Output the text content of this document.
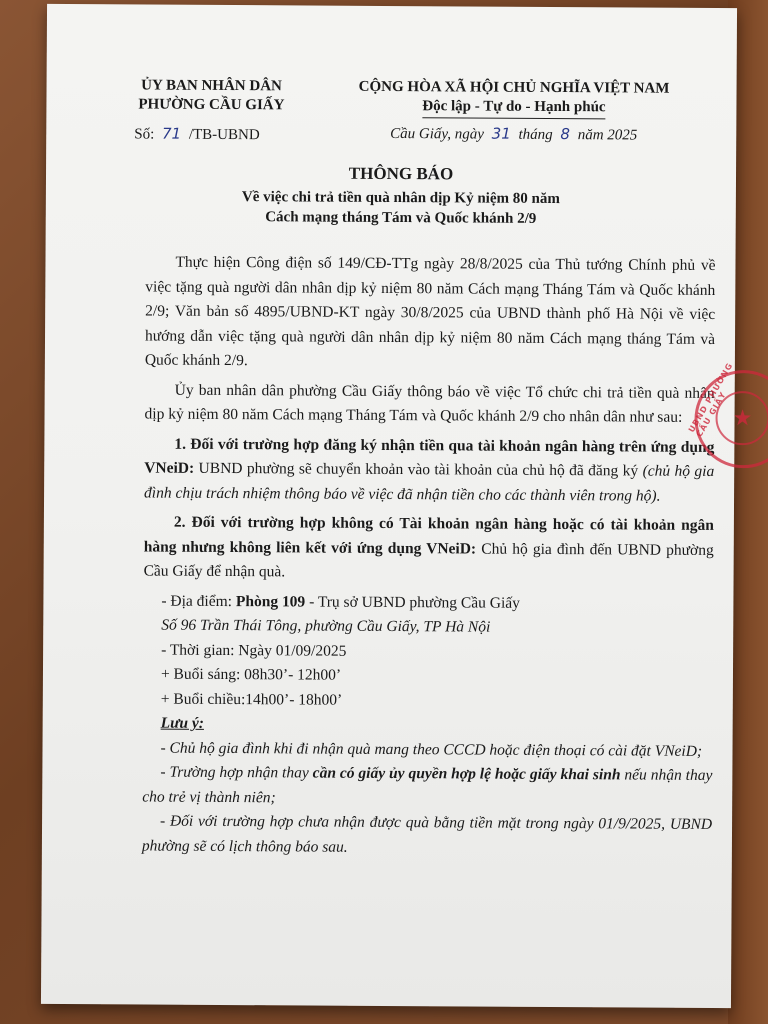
ỦY BAN NHÂN DÂN
PHƯỜNG CẦU GIẤY
Số: 71 /TB-UBND
CỘNG HÒA XÃ HỘI CHỦ NGHĨA VIỆT NAM
Độc lập - Tự do - Hạnh phúc
Cầu Giấy, ngày 31 tháng 8 năm 2025
THÔNG BÁO
Về việc chi trả tiền quà nhân dịp Kỷ niệm 80 năm
Cách mạng tháng Tám và Quốc khánh 2/9

Thực hiện Công điện số 149/CĐ-TTg ngày 28/8/2025 của Thủ tướng Chính phủ về việc tặng quà người dân nhân dịp kỷ niệm 80 năm Cách mạng Tháng Tám và Quốc khánh 2/9; Văn bản số 4895/UBND-KT ngày 30/8/2025 của UBND thành phố Hà Nội về việc hướng dẫn việc tặng quà người dân nhân dịp kỷ niệm 80 năm Cách mạng tháng Tám và Quốc khánh 2/9.

Ủy ban nhân dân phường Cầu Giấy thông báo về việc Tổ chức chi trả tiền quà nhân dịp kỷ niệm 80 năm Cách mạng Tháng Tám và Quốc khánh 2/9 cho nhân dân như sau:

1. Đối với trường hợp đăng ký nhận tiền qua tài khoản ngân hàng trên ứng dụng VNeiD: UBND phường sẽ chuyển khoản vào tài khoản của chủ hộ đã đăng ký (chủ hộ gia đình chịu trách nhiệm thông báo về việc đã nhận tiền cho các thành viên trong hộ).

2. Đối với trường hợp không có Tài khoản ngân hàng hoặc có tài khoản ngân hàng nhưng không liên kết với ứng dụng VNeiD: Chủ hộ gia đình đến UBND phường Cầu Giấy để nhận quà.

- Địa điểm: Phòng 109 - Trụ sở UBND phường Cầu Giấy

Số 96 Trần Thái Tông, phường Cầu Giấy, TP Hà Nội

- Thời gian: Ngày 01/09/2025

+ Buổi sáng: 08h30’- 12h00’

+ Buổi chiều:14h00’- 18h00’

Lưu ý:

- Chủ hộ gia đình khi đi nhận quà mang theo CCCD hoặc điện thoại có cài đặt VNeiD;

- Trường hợp nhận thay cần có giấy ủy quyền hợp lệ hoặc giấy khai sinh nếu nhận thay cho trẻ vị thành niên;

- Đối với trường hợp chưa nhận được quà bằng tiền mặt trong ngày 01/9/2025, UBND phường sẽ có lịch thông báo sau.

UBND PHƯỜNG CẦU GIẤY ★
